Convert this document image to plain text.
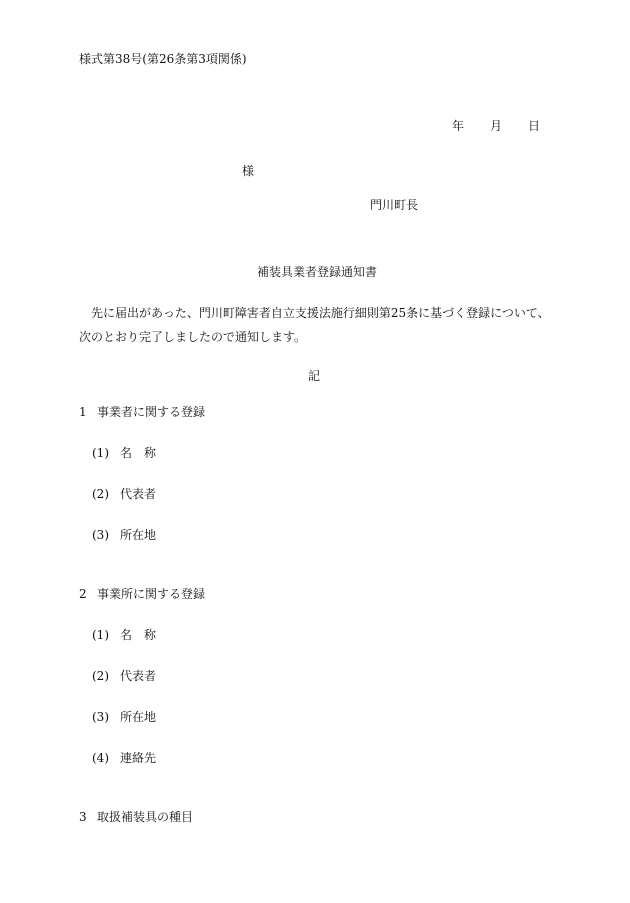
様式第38号(第26条第3項関係)
年 月 日
様
門川町長
補装具業者登録通知書
先に届出があった、門川町障害者自立支援法施行細則第25条に基づく登録について、次のとおり完了しましたので通知します。
記
1 事業者に関する登録
(1) 名　称
(2) 代表者
(3) 所在地
2 事業所に関する登録
(1) 名　称
(2) 代表者
(3) 所在地
(4) 連絡先
3 取扱補装具の種目
